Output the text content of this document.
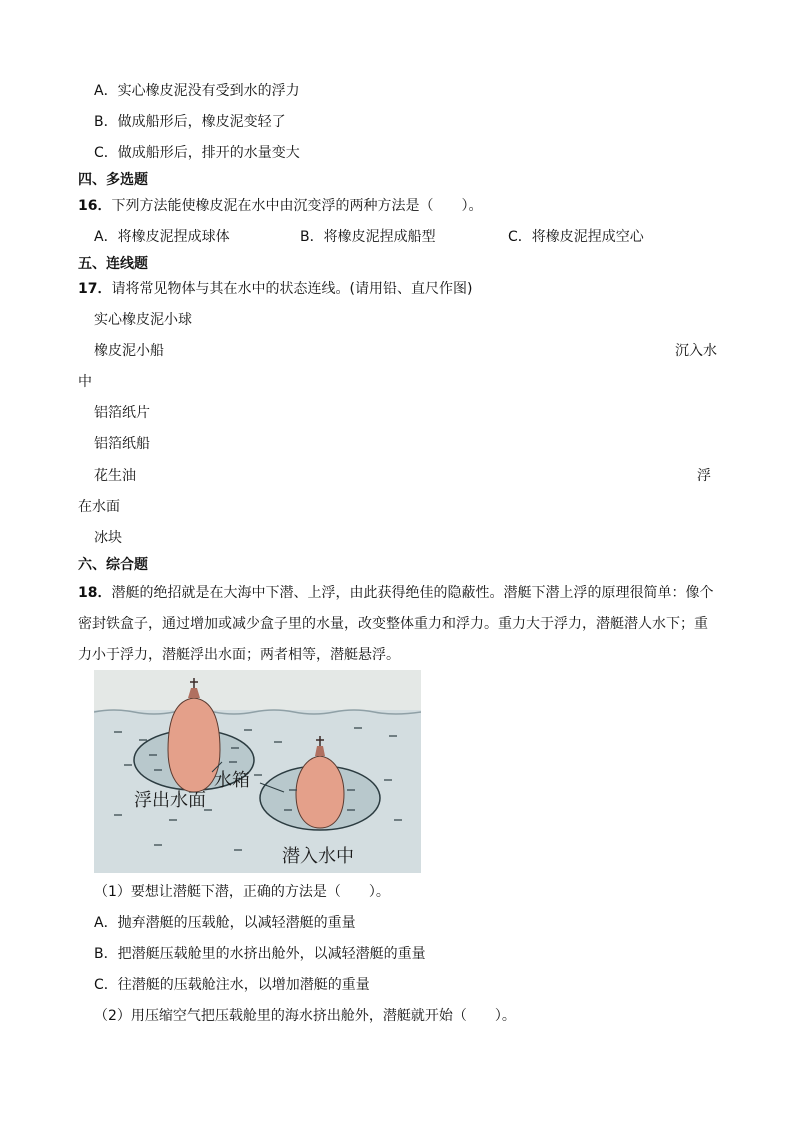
A．实心橡皮泥没有受到水的浮力
B．做成船形后，橡皮泥变轻了
C．做成船形后，排开的水量变大
四、多选题
16．下列方法能使橡皮泥在水中由沉变浮的两种方法是（　　）。
A．将橡皮泥捏成球体	B．将橡皮泥捏成船型	C．将橡皮泥捏成空心
五、连线题
17．请将常见物体与其在水中的状态连线。(请用铅、直尺作图)
实心橡皮泥小球
橡皮泥小船	沉入水
中
铝箔纸片
铝箔纸船
花生油	浮
在水面
冰块
六、综合题
18．潜艇的绝招就是在大海中下潜、上浮，由此获得绝佳的隐蔽性。潜艇下潜上浮的原理很简单：像个密封铁盒子，通过增加或减少盒子里的水量，改变整体重力和浮力。重力大于浮力，潜艇潜人水下；重力小于浮力，潜艇浮出水面；两者相等，潜艇悬浮。
水箱
浮出水面
潜入水中
（1）要想让潜艇下潜，正确的方法是（　　）。
A．抛弃潜艇的压载舱，以减轻潜艇的重量
B．把潜艇压载舱里的水挤出舱外，以减轻潜艇的重量
C．往潜艇的压载舱注水，以增加潜艇的重量
（2）用压缩空气把压载舱里的海水挤出舱外，潜艇就开始（　　）。
